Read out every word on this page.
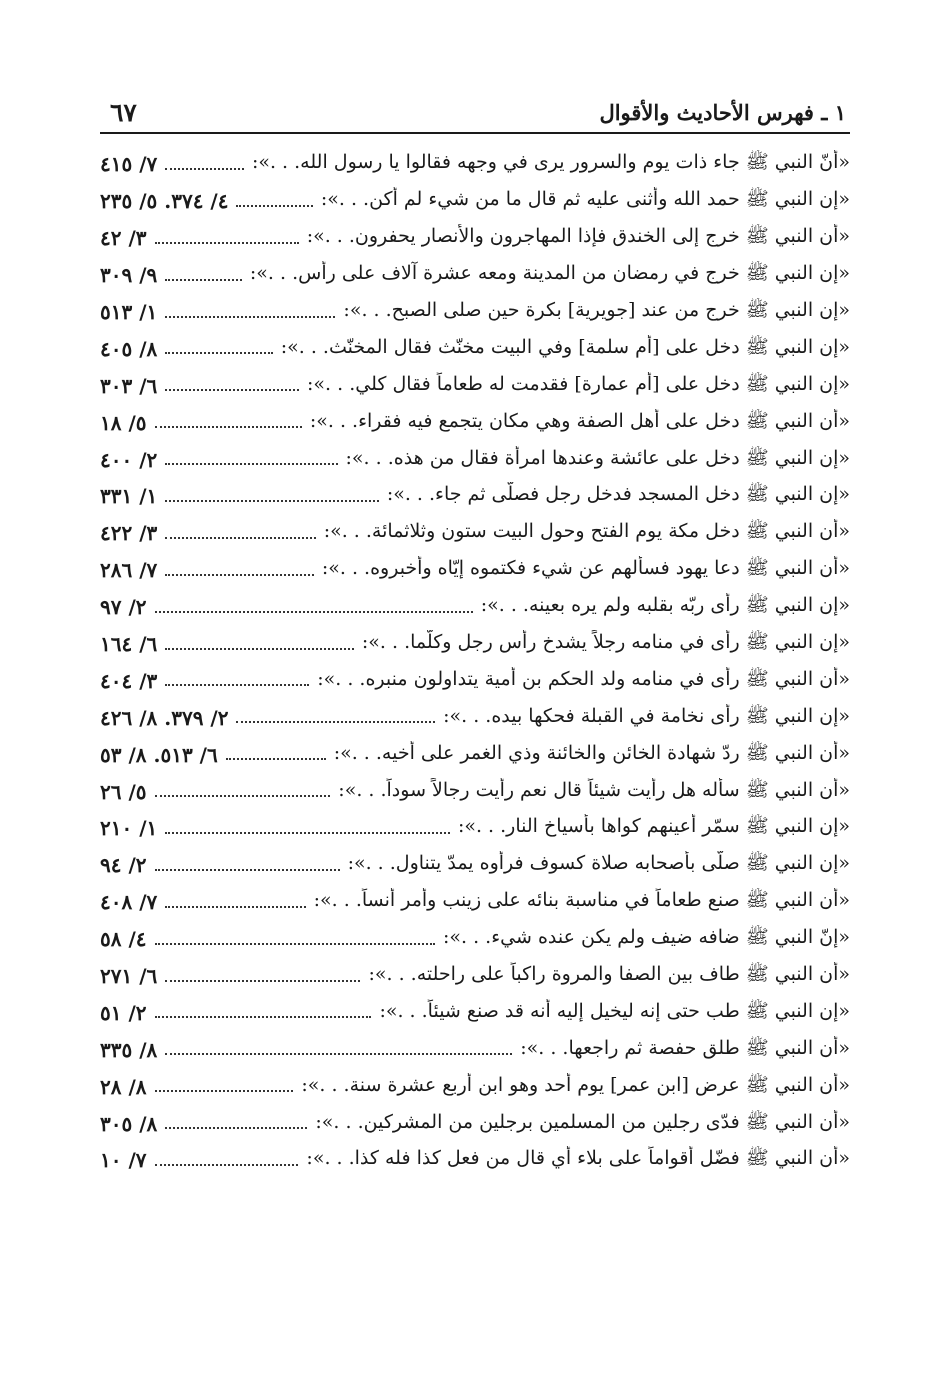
٦٧	١ ـ فهرس الأحاديث والأقوال
«أنّ النبي ﷺ جاء ذات يوم والسرور يرى في وجهه فقالوا يا رسول الله. . .»:
٧/ ٤١٥
«إن النبي ﷺ حمد الله وأثنى عليه ثم قال ما من شيء لم أكن. . .»:
٤/ ٣٧٤. ٥/ ٢٣٥
«أن النبي ﷺ خرج إلى الخندق فإذا المهاجرون والأنصار يحفرون. . .»:
٣/ ٤٢
«إن النبي ﷺ خرج في رمضان من المدينة ومعه عشرة آلاف على رأس. . .»:
٩/ ٣٠٩
«إن النبي ﷺ خرج من عند [جويرية] بكرة حين صلى الصبح. . .»:
١/ ٥١٣
«إن النبي ﷺ دخل على [أم سلمة] وفي البيت مخنّث فقال المخنّث. . .»:
٨/ ٤٠٥
«إن النبي ﷺ دخل على [أم عمارة] فقدمت له طعاماً فقال كلي. . .»:
٦/ ٣٠٣
«أن النبي ﷺ دخل على أهل الصفة وهي مكان يتجمع فيه فقراء. . .»:
٥/ ١٨
«إن النبي ﷺ دخل على عائشة وعندها امرأة فقال من هذه. . .»:
٢/ ٤٠٠
«إن النبي ﷺ دخل المسجد فدخل رجل فصلّى ثم جاء. . .»:
١/ ٣٣١
«أن النبي ﷺ دخل مكة يوم الفتح وحول البيت ستون وثلاثمائة. . .»:
٣/ ٤٢٢
«أن النبي ﷺ دعا يهود فسألهم عن شيء فكتموه إيّاه وأخبروه. . .»:
٧/ ٢٨٦
«إن النبي ﷺ رأى ربّه بقلبه ولم يره بعينه. . .»:
٢/ ٩٧
«إن النبي ﷺ رأى في منامه رجلاً يشدخ رأس رجل وكلّما. . .»:
٦/ ١٦٤
«أن النبي ﷺ رأى في منامه ولد الحكم بن أمية يتداولون منبره. . .»:
٣/ ٤٠٤
«إن النبي ﷺ رأى نخامة في القبلة فحكها بيده. . .»:
٢/ ٣٧٩. ٨/ ٤٢٦
«أن النبي ﷺ ردّ شهادة الخائن والخائنة وذي الغمر على أخيه. . .»:
٦/ ٥١٣. ٨/ ٥٣
«أن النبي ﷺ سأله هل رأيت شيئاً قال نعم رأيت رجالاً سوداً. . .»:
٥/ ٢٦
«إن النبي ﷺ سمّر أعينهم كواها بأسياخ النار. . .»:
١/ ٢١٠
«إن النبي ﷺ صلّى بأصحابه صلاة كسوف فرأوه يمدّ يتناول. . .»:
٢/ ٩٤
«أن النبي ﷺ صنع طعاماً في مناسبة بنائه على زينب وأمر أنساً. . .»:
٧/ ٤٠٨
«إنّ النبي ﷺ ضافه ضيف ولم يكن عنده شيء. . .»:
٤/ ٥٨
«أن النبي ﷺ طاف بين الصفا والمروة راكباً على راحلته. . .»:
٦/ ٢٧١
«إن النبي ﷺ طب حتى إنه ليخيل إليه أنه قد صنع شيئاً. . .»:
٢/ ٥١
«أن النبي ﷺ طلق حفصة ثم راجعها. . .»:
٨/ ٣٣٥
«أن النبي ﷺ عرض [ابن عمر] يوم أحد وهو ابن أربع عشرة سنة. . .»:
٨/ ٢٨
«أن النبي ﷺ فدّى رجلين من المسلمين برجلين من المشركين. . .»:
٨/ ٣٠٥
«أن النبي ﷺ فضّل أقواماً على بلاء أي قال من فعل كذا فله كذا. . .»:
٧/ ١٠
